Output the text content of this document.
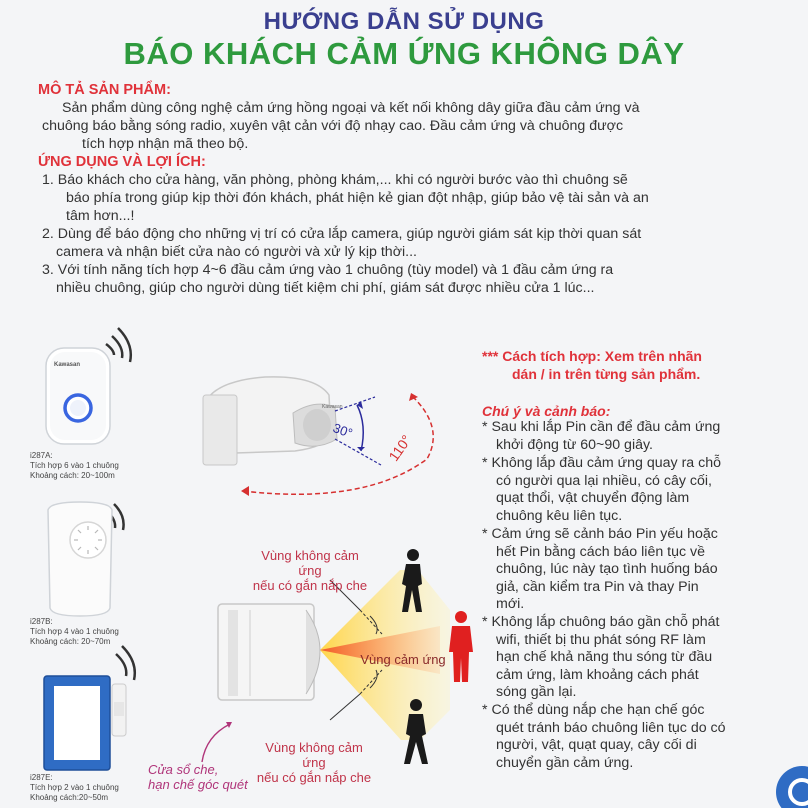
HƯỚNG DẪN SỬ DỤNG
BÁO KHÁCH CẢM ỨNG KHÔNG DÂY
MÔ TẢ SẢN PHẨM:
Sản phẩm dùng công nghệ cảm ứng hồng ngoại và kết nối không dây giữa đầu cảm ứng và
chuông báo bằng sóng radio, xuyên vật cản với độ nhạy cao. Đầu cảm ứng và chuông được
tích hợp nhận mã theo bộ.
ỨNG DỤNG VÀ LỢI ÍCH:
1. Báo khách cho cửa hàng, văn phòng, phòng khám,... khi có người bước vào thì chuông sẽ
báo phía trong giúp kịp thời đón khách, phát hiện kẻ gian đột nhập, giúp bảo vệ tài sản và an
tâm hơn...!
2. Dùng để báo động cho những vị trí có cửa lắp camera, giúp người giám sát kịp thời quan sát
camera và nhận biết cửa nào có người và xử lý kịp thời...
3. Với tính năng tích hợp 4~6 đầu cảm ứng vào 1 chuông (tùy model) và 1 đầu cảm ứng ra
nhiều chuông, giúp cho người dùng tiết kiệm chi phí, giám sát được nhiều cửa 1 lúc...
Kawasan
i287A:
Tích hợp 6 vào 1 chuông
Khoảng cách: 20~100m
i287B:
Tích hợp 4 vào 1 chuông
Khoảng cách: 20~70m
i287E:
Tích hợp 2 vào 1 chuông
Khoảng cách:20~50m
30°
110°
Kawasan
Vùng không cảm ứng
nếu có gắn nắp che
Vùng cảm ứng
Vùng không cảm ứng
nếu có gắn nắp che
Cửa sổ che,
hạn chế góc quét
*** Cách tích hợp: Xem trên nhãn
dán / in trên từng sản phẩm.
Chú ý và cảnh báo:
* Sau khi lắp Pin cần để đầu cảm ứng
khởi động từ 60~90 giây.
* Không lắp đầu cảm ứng quay ra chỗ
có người qua lại nhiều, có cây cối,
quạt thổi, vật chuyển động làm
chuông kêu liên tục.
* Cảm ứng sẽ cảnh báo Pin yếu hoặc
hết Pin bằng cách báo liên tục về
chuông, lúc này tạo tình huống báo
giả, cần kiểm tra Pin và thay Pin
mới.
* Không lắp chuông báo gần chỗ phát
wifi, thiết bị thu phát sóng RF làm
hạn chế khả năng thu sóng từ đầu
cảm ứng, làm khoảng cách phát
sóng gần lại.
* Có thể dùng nắp che hạn chế góc
quét tránh báo chuông liên tục do có
người, vật, quạt quay, cây cối di
chuyển gần cảm ứng.
